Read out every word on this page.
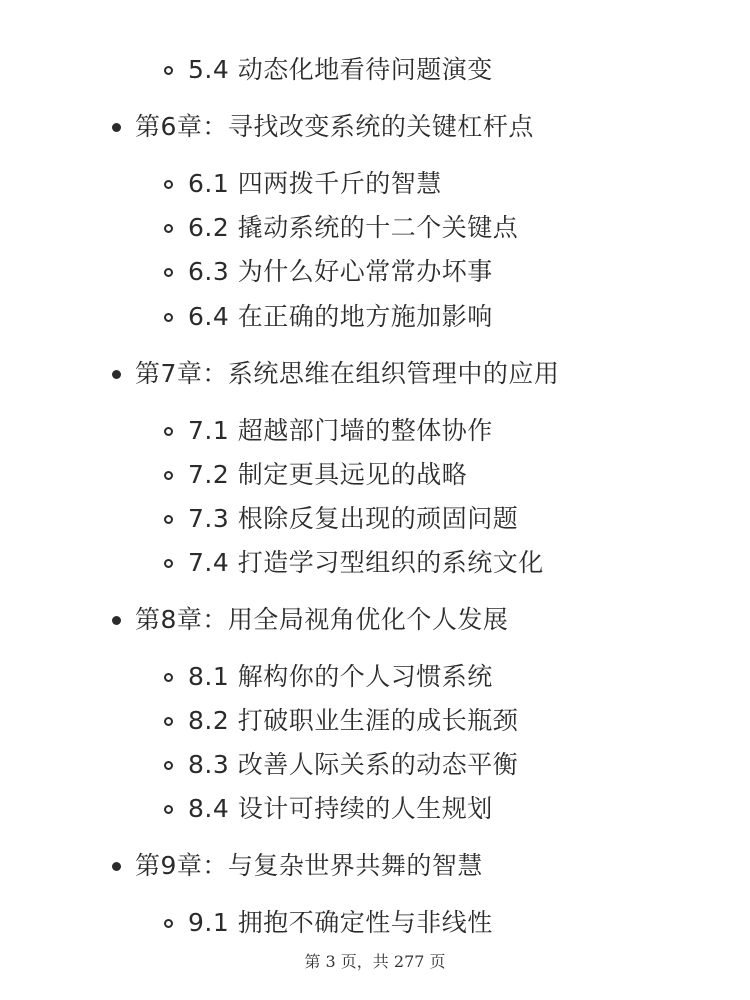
5.4 动态化地看待问题演变
第6章：寻找改变系统的关键杠杆点
6.1 四两拨千斤的智慧
6.2 撬动系统的十二个关键点
6.3 为什么好心常常办坏事
6.4 在正确的地方施加影响
第7章：系统思维在组织管理中的应用
7.1 超越部门墙的整体协作
7.2 制定更具远见的战略
7.3 根除反复出现的顽固问题
7.4 打造学习型组织的系统文化
第8章：用全局视角优化个人发展
8.1 解构你的个人习惯系统
8.2 打破职业生涯的成长瓶颈
8.3 改善人际关系的动态平衡
8.4 设计可持续的人生规划
第9章：与复杂世界共舞的智慧
9.1 拥抱不确定性与非线性
第 3 页，共 277 页
